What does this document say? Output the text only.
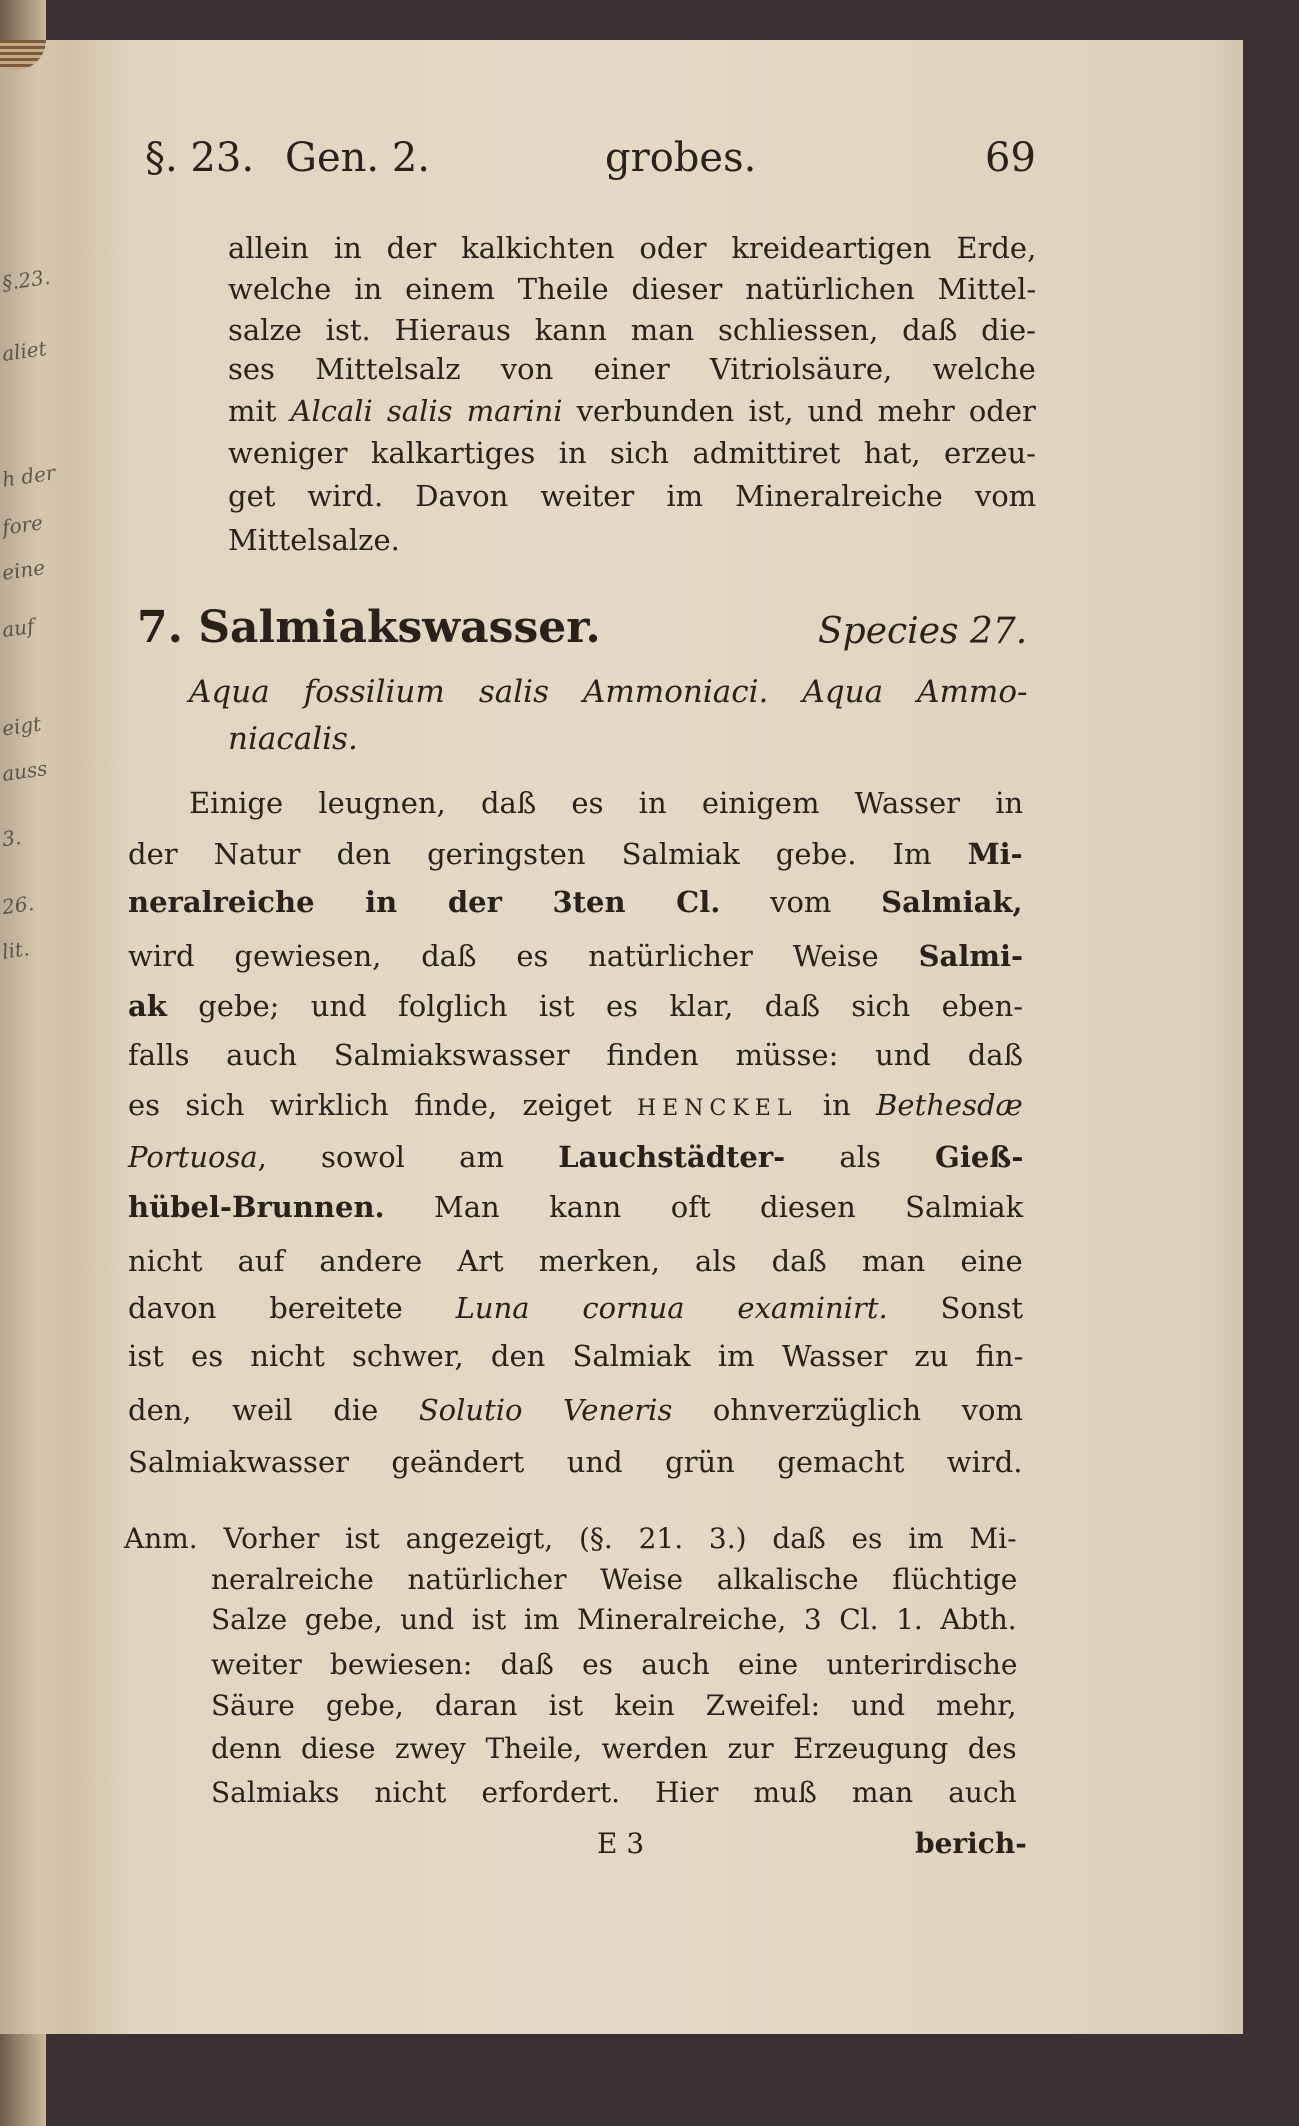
§.23.
aliet
h der
fore
eine
auf
eigt
auss
3.
26.
lit.
§. 23. Gen. 2.	grobes.	69
7. Salmiakswasser.	Species 27.
allein in der kalkichten oder kreideartigen Erde,
welche in einem Theile dieser natürlichen Mittel-
salze ist. Hieraus kann man schliessen, daß die-
ses Mittelsalz von einer Vitriolsäure, welche
mit Alcali salis marini verbunden ist, und mehr oder
weniger kalkartiges in sich admittiret hat, erzeu-
get wird. Davon weiter im Mineralreiche vom
Mittelsalze.
Aqua fossilium salis Ammoniaci. Aqua Ammo-
niacalis.
Einige leugnen, daß es in einigem Wasser in
der Natur den geringsten Salmiak gebe. Im Mi-
neralreiche in der 3ten Cl. vom Salmiak,
wird gewiesen, daß es natürlicher Weise Salmi-
ak gebe; und folglich ist es klar, daß sich eben-
falls auch Salmiakswasser finden müsse: und daß
es sich wirklich finde, zeiget HENCKEL in Bethesdæ
Portuosa, sowol am Lauchstädter- als Gieß-
hübel-Brunnen. Man kann oft diesen Salmiak
nicht auf andere Art merken, als daß man eine
davon bereitete Luna cornua examinirt. Sonst
ist es nicht schwer, den Salmiak im Wasser zu fin-
den, weil die Solutio Veneris ohnverzüglich vom
Salmiakwasser geändert und grün gemacht wird.
Anm. Vorher ist angezeigt, (§. 21. 3.) daß es im Mi-
neralreiche natürlicher Weise alkalische flüchtige
Salze gebe, und ist im Mineralreiche, 3 Cl. 1. Abth.
weiter bewiesen: daß es auch eine unterirdische
Säure gebe, daran ist kein Zweifel: und mehr,
denn diese zwey Theile, werden zur Erzeugung des
Salmiaks nicht erfordert. Hier muß man auch
E 3	berich-
